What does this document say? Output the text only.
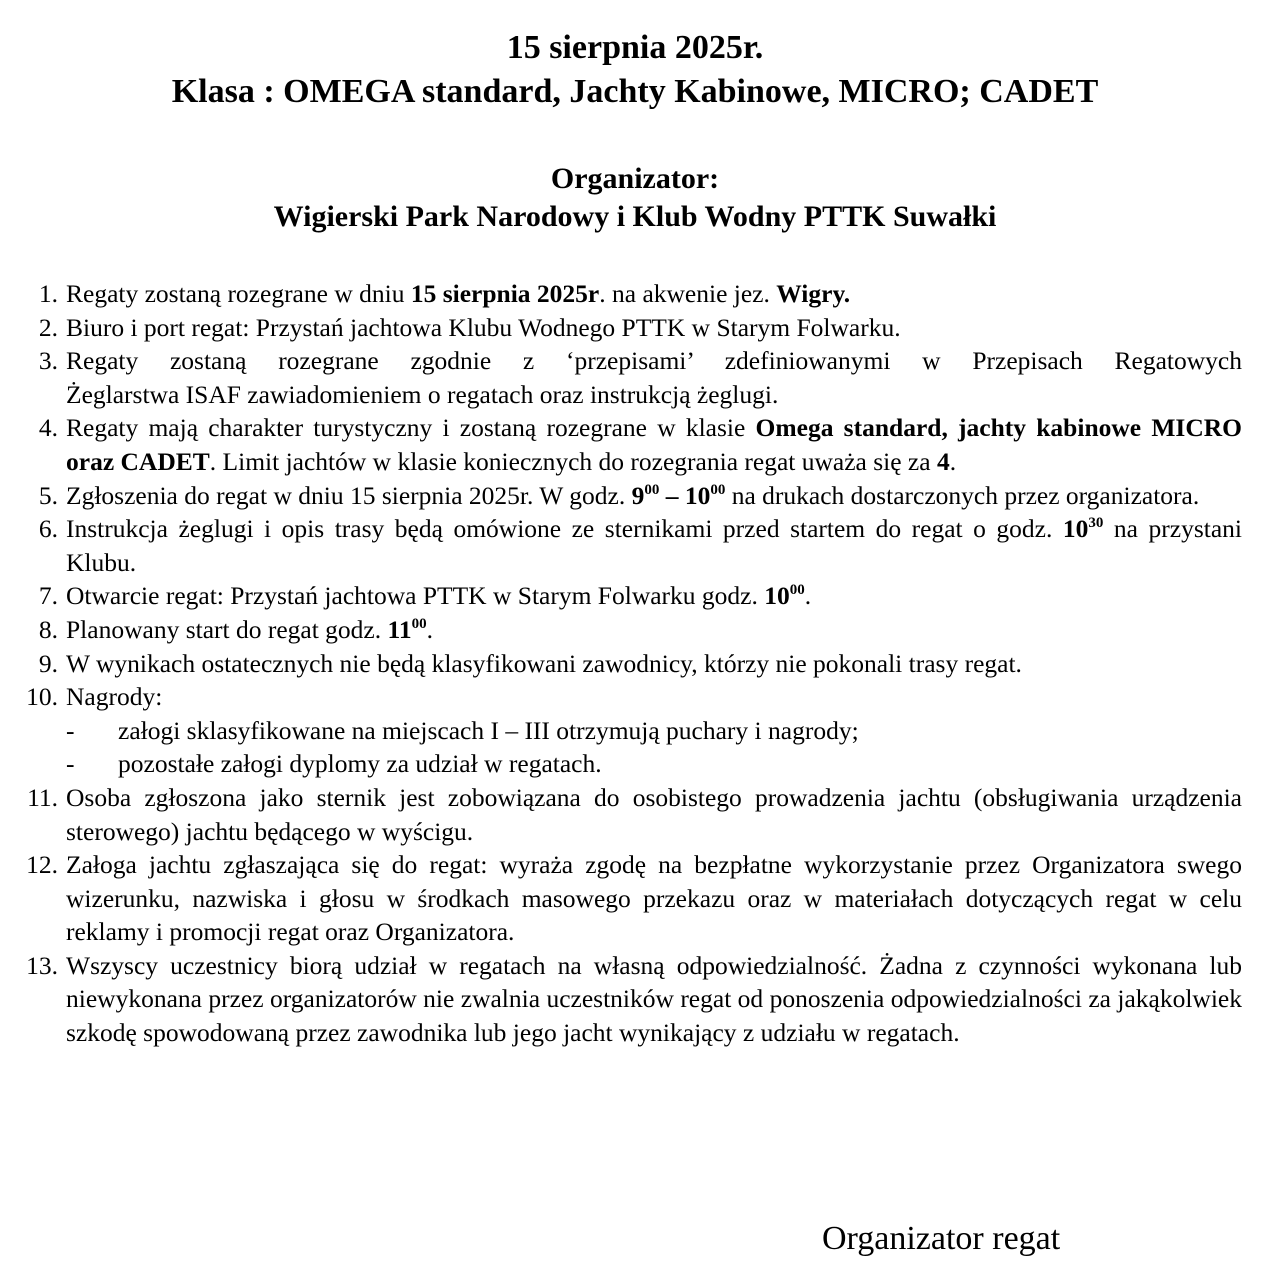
15 sierpnia 2025r.

Klasa : OMEGA standard, Jachty Kabinowe, MICRO; CADET

Organizator:
Wigierski Park Narodowy i Klub Wodny PTTK Suwałki
1. Regaty zostaną rozegrane w dniu 15 sierpnia 2025r. na akwenie jez. Wigry.
2. Biuro i port regat: Przystań jachtowa Klubu Wodnego PTTK w Starym Folwarku.
3. Regaty zostaną rozegrane zgodnie z ‘przepisami’ zdefiniowanymi w Przepisach Regatowych
Żeglarstwa ISAF zawiadomieniem o regatach oraz instrukcją żeglugi.
4. Regaty mają charakter turystyczny i zostaną rozegrane w klasie Omega standard, jachty kabinowe MICRO oraz CADET. Limit jachtów w klasie koniecznych do rozegrania regat uważa się za 4.
5. Zgłoszenia do regat w dniu 15 sierpnia 2025r. W godz. $9^{00} - 10^{00}$ na drukach dostarczonych przez organizatora.
6. Instrukcja żeglugi i opis trasy będą omówione ze sternikami przed startem do regat o godz. $10^{30}$ na przystani Klubu.
7. Otwarcie regat: Przystań jachtowa PTTK w Starym Folwarku godz. $10^{00}$.
8. Planowany start do regat godz. $11^{00}$.
9. W wynikach ostatecznych nie będą klasyfikowani zawodnicy, którzy nie pokonali trasy regat.
10. Nagrody:
-	załogi sklasyfikowane na miejscach I – III otrzymują puchary i nagrody;
-	pozostałe załogi dyplomy za udział w regatach.
11. Osoba zgłoszona jako sternik jest zobowiązana do osobistego prowadzenia jachtu (obsługiwania urządzenia sterowego) jachtu będącego w wyścigu.
12. Załoga jachtu zgłaszająca się do regat: wyraża zgodę na bezpłatne wykorzystanie przez Organizatora swego wizerunku, nazwiska i głosu w środkach masowego przekazu oraz w materiałach dotyczących regat w celu reklamy i promocji regat oraz Organizatora.
13. Wszyscy uczestnicy biorą udział w regatach na własną odpowiedzialność. Żadna z czynności wykonana lub niewykonana przez organizatorów nie zwalnia uczestników regat od ponoszenia odpowiedzialności za jakąkolwiek szkodę spowodowaną przez zawodnika lub jego jacht wynikający z udziału w regatach.
Organizator regat
